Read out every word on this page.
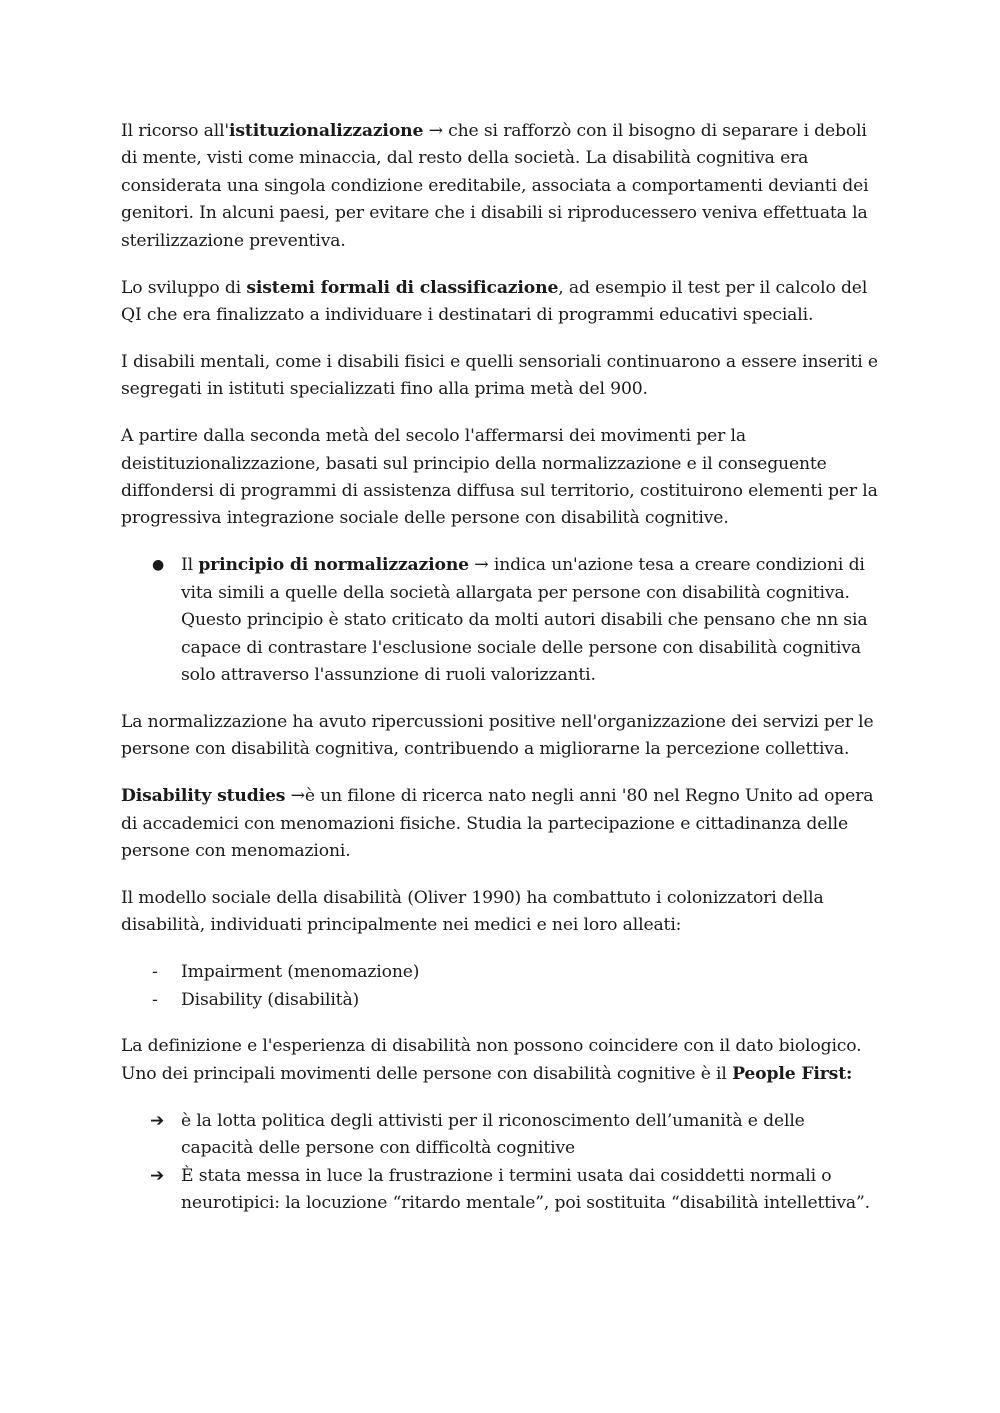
Il ricorso all'istituzionalizzazione → che si rafforzò con il bisogno di separare i deboli di mente, visti come minaccia, dal resto della società. La disabilità cognitiva era considerata una singola condizione ereditabile, associata a comportamenti devianti dei genitori. In alcuni paesi, per evitare che i disabili si riproducessero veniva effettuata la sterilizzazione preventiva.

Lo sviluppo di sistemi formali di classificazione, ad esempio il test per il calcolo del QI che era finalizzato a individuare i destinatari di programmi educativi speciali.

I disabili mentali, come i disabili fisici e quelli sensoriali continuarono a essere inseriti e segregati in istituti specializzati fino alla prima metà del 900.

A partire dalla seconda metà del secolo l'affermarsi dei movimenti per la deistituzionalizzazione, basati sul principio della normalizzazione e il conseguente diffondersi di programmi di assistenza diffusa sul territorio, costituirono elementi per la progressiva integrazione sociale delle persone con disabilità cognitive.

● Il principio di normalizzazione → indica un'azione tesa a creare condizioni di vita simili a quelle della società allargata per persone con disabilità cognitiva. Questo principio è stato criticato da molti autori disabili che pensano che nn sia capace di contrastare l'esclusione sociale delle persone con disabilità cognitiva solo attraverso l'assunzione di ruoli valorizzanti.

La normalizzazione ha avuto ripercussioni positive nell'organizzazione dei servizi per le persone con disabilità cognitiva, contribuendo a migliorarne la percezione collettiva.

Disability studies →è un filone di ricerca nato negli anni '80 nel Regno Unito ad opera di accademici con menomazioni fisiche. Studia la partecipazione e cittadinanza delle persone con menomazioni.

Il modello sociale della disabilità (Oliver 1990) ha combattuto i colonizzatori della disabilità, individuati principalmente nei medici e nei loro alleati:

-	Impairment (menomazione)
-	Disability (disabilità)

La definizione e l'esperienza di disabilità non possono coincidere con il dato biologico. Uno dei principali movimenti delle persone con disabilità cognitive è il People First:

➔ è la lotta politica degli attivisti per il riconoscimento dell’umanità e delle capacità delle persone con difficoltà cognitive
➔ È stata messa in luce la frustrazione i termini usata dai cosiddetti normali o neurotipici: la locuzione “ritardo mentale”, poi sostituita “disabilità intellettiva”.
